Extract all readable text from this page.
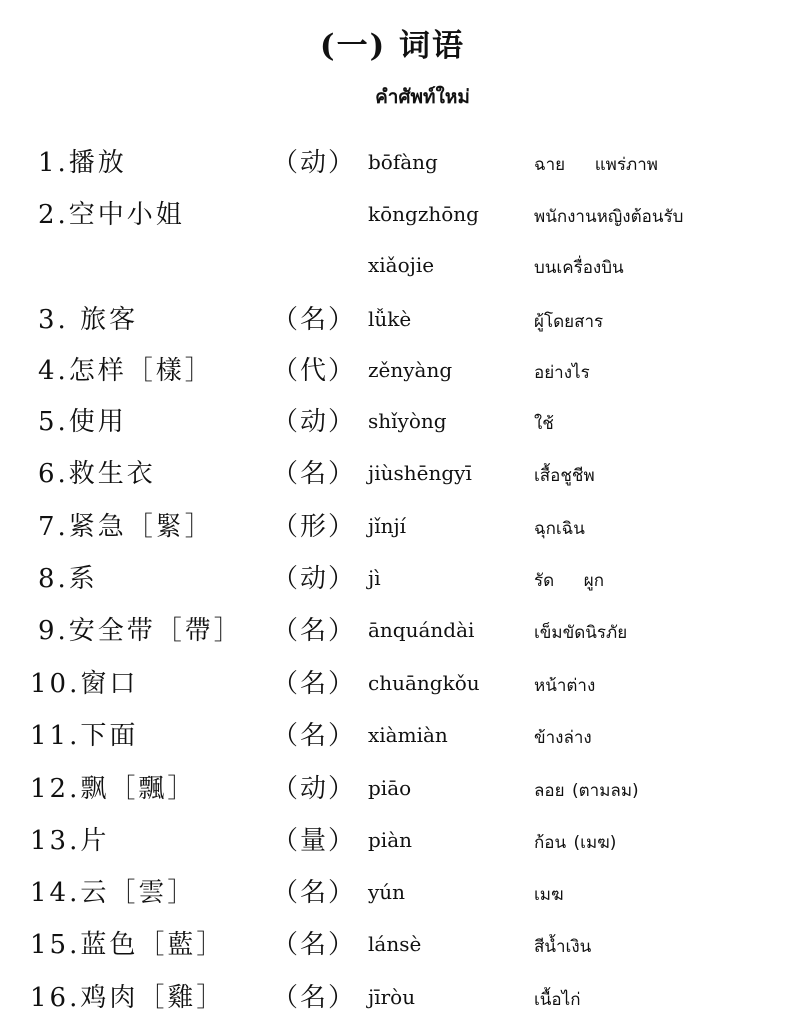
(一) 词语
คำศัพท์ใหม่
1.播放	（动） bōfàng	ฉาย    แพร่ภาพ
2.空中小姐	kōngzhōng	พนักงานหญิงต้อนรับ
xiǎojie	บนเครื่องบิน
3. 旅客	（名） lǚkè	ผู้โดยสาร
4.怎样［樣］ （代） zěnyàng	อย่างไร
5.使用	（动） shǐyòng	ใช้
6.救生衣	（名） jiùshēngyī	เสื้อชูชีพ
7.紧急［緊］ （形） jǐnjí	ฉุกเฉิน
8.系	（动） jì	รัด    ผูก
9.安全带［帶］ （名） ānquándài	เข็มขัดนิรภัย
10.窗口	（名） chuāngkǒu	หน้าต่าง
11.下面	（名） xiàmiàn	ข้างล่าง
12.飘［飄］	（动） piāo	ลอย (ตามลม)
13.片	（量） piàn	ก้อน (เมฆ)
14.云［雲］	（名） yún	เมฆ
15.蓝色［藍］ （名） lánsè	สีน้ำเงิน
16.鸡肉［雞］ （名） jīròu	เนื้อไก่
